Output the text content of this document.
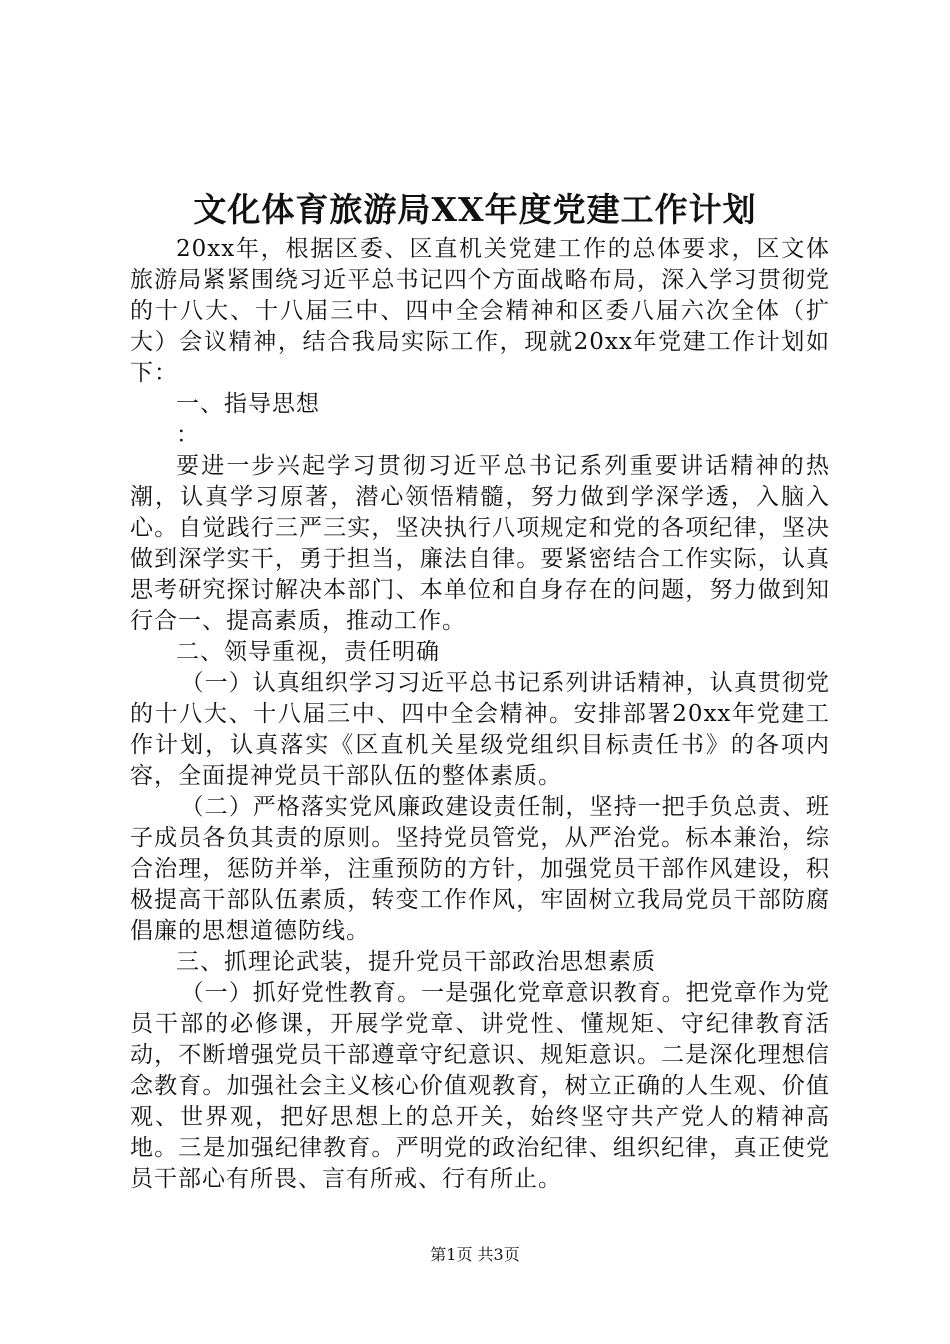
文化体育旅游局XX年度党建工作计划

20xx年，根据区委、区直机关党建工作的总体要求，区文体旅游局紧紧围绕习近平总书记四个方面战略布局，深入学习贯彻党的十八大、十八届三中、四中全会精神和区委八届六次全体（扩大）会议精神，结合我局实际工作，现就20xx年党建工作计划如下：

一、指导思想

：

要进一步兴起学习贯彻习近平总书记系列重要讲话精神的热潮，认真学习原著，潜心领悟精髓，努力做到学深学透，入脑入心。自觉践行三严三实，坚决执行八项规定和党的各项纪律，坚决做到深学实干，勇于担当，廉法自律。要紧密结合工作实际，认真思考研究探讨解决本部门、本单位和自身存在的问题，努力做到知行合一、提高素质，推动工作。

二、领导重视，责任明确

（一）认真组织学习习近平总书记系列讲话精神，认真贯彻党的十八大、十八届三中、四中全会精神。安排部署20xx年党建工作计划，认真落实《区直机关星级党组织目标责任书》的各项内容，全面提神党员干部队伍的整体素质。

（二）严格落实党风廉政建设责任制，坚持一把手负总责、班子成员各负其责的原则。坚持党员管党，从严治党。标本兼治，综合治理，惩防并举，注重预防的方针，加强党员干部作风建设，积极提高干部队伍素质，转变工作作风，牢固树立我局党员干部防腐倡廉的思想道德防线。

三、抓理论武装，提升党员干部政治思想素质

（一）抓好党性教育。一是强化党章意识教育。把党章作为党员干部的必修课，开展学党章、讲党性、懂规矩、守纪律教育活动，不断增强党员干部遵章守纪意识、规矩意识。二是深化理想信念教育。加强社会主义核心价值观教育，树立正确的人生观、价值观、世界观，把好思想上的总开关，始终坚守共产党人的精神高地。三是加强纪律教育。严明党的政治纪律、组织纪律，真正使党员干部心有所畏、言有所戒、行有所止。

第1页 共3页
